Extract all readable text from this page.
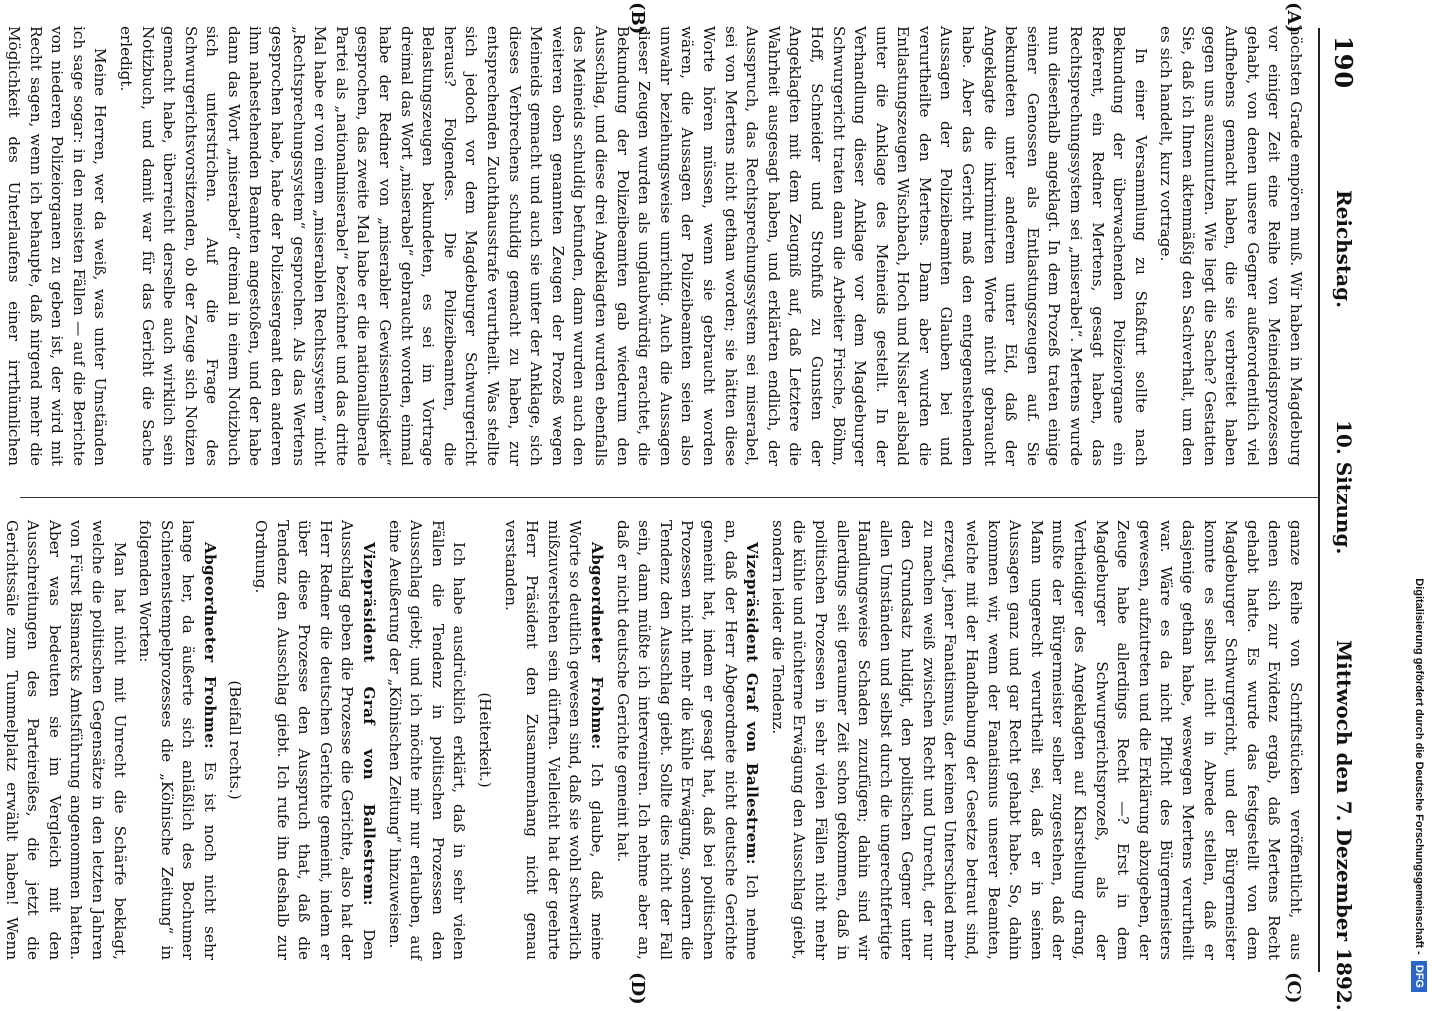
190
Reichstag.
10. Sitzung.
Mittwoch den 7. Dezember 1892.
(A)
(B)
(C)
(D)

höchsten Grade empören muß. Wir haben in Magdeburg vor einiger Zeit eine Reihe von Meineidsprozessen gehabt, von denen unsere Gegner außerordentlich viel Aufhebens gemacht haben, die sie verbreitet haben gegen uns auszunutzen. Wie liegt die Sache? Gestatten Sie, daß ich Ihnen aktenmäßig den Sachverhalt, um den es sich handelt, kurz vortrage.

In einer Versammlung zu Staßfurt sollte nach Bekundung der überwachenden Polizeiorgane ein Referent, ein Redner Mertens, gesagt haben, das Rechtsprechungssystem sei „miserabel“. Mertens wurde nun dieserhalb angeklagt. In dem Prozeß traten einige seiner Genossen als Entlastungszeugen auf. Sie bekundeten unter anderem unter Eid, daß der Angeklagte die inkriminirten Worte nicht gebraucht habe. Aber das Gericht maß den entgegenstehenden Aussagen der Polizeibeamten Glauben bei und verurtheilte den Mertens. Dann aber wurden die Entlastungszeugen Wischbach, Hoch und Nissler alsbald unter die Anklage des Meineids gestellt. In der Verhandlung dieser Anklage vor dem Magdeburger Schwurgericht traten dann die Arbeiter Frische, Böhm, Hoff, Schneider und Strohfuß zu Gunsten der Angeklagten mit dem Zeugniß auf, daß Letztere die Wahrheit ausgesagt haben, und erklärten endlich, der Ausspruch, das Rechtsprechungssystem sei miserabel, sei von Mertens nicht gethan worden; sie hätten diese Worte hören müssen, wenn sie gebraucht worden wären, die Aussagen der Polizeibeamten seien also unwahr beziehungsweise unrichtig. Auch die Aussagen dieser Zeugen wurden als unglaubwürdig erachtet, die Bekundung der Polizeibeamten gab wiederum den Ausschlag, und diese drei Angeklagten wurden ebenfalls des Meineids schuldig befunden, dann wurden auch den weiteren oben genannten Zeugen der Prozeß wegen Meineids gemacht und auch sie unter der Anklage, sich dieses Verbrechens schuldig gemacht zu haben, zur entsprechenden Zuchthausstrafe verurtheilt. Was stellte sich jedoch vor dem Magdeburger Schwurgericht heraus? Folgendes. Die Polizeibeamten, die Belastungszeugen bekundeten, es sei im Vortrage dreimal das Wort „miserabel“ gebraucht worden, einmal habe der Redner von „miserabler Gewissenlosigkeit“ gesprochen, das zweite Mal habe er die nationalliberale Partei als „nationalmiserabel“ bezeichnet und das dritte Mal habe er von einem „miserablen Rechtssystem“ nicht „Rechtsprechungssystem“ gesprochen. Als das Wertens gesprochen habe, habe der Polizeisergeant den anderen ihm nahestehenden Beamten angestoßen, und der habe dann das Wort „miserabel“ dreimal in einem Notizbuch sich unterstrichen. Auf die Frage des Schwurgerichtsvorsitzenden, ob der Zeuge sich Notizen gemacht habe, überreicht derselbe auch wirklich sein Notizbuch, und damit war für das Gericht die Sache erledigt.

Meine Herren, wer da weiß, was unter Umständen ich sage sogar: in den meisten Fällen — auf die Berichte von niederen Polizeiorganen zu geben ist, der wird mit Recht sagen, wenn ich behaupte, daß nirgend mehr die Möglichkeit des Unterlaufens einer irrthümlichen

ganze Reihe von Schriftstücken veröffentlicht, aus denen sich zur Evidenz ergab, daß Mertens Recht gehabt hatte. Es wurde das festgestellt von dem Magdeburger Schwurgericht, und der Bürgermeister konnte es selbst nicht in Abrede stellen, daß er dasjenige gethan habe, weswegen Mertens verurtheilt war. Wäre es da nicht Pflicht des Bürgermeisters gewesen, aufzutreten und die Erklärung abzugeben, der Zeuge habe allerdings Recht —? Erst in dem Magdeburger Schwurgerichtsprozeß, als der Vertheidiger des Angeklagten auf Klarstellung drang, mußte der Bürgermeister selber zugestehen, daß der Mann ungerecht verurtheilt sei, daß er in seinen Aussagen ganz und gar Recht gehabt habe. So, dahin kommen wir, wenn der Fanatismus unserer Beamten, welche mit der Handhabung der Gesetze betraut sind, erzeugt, jener Fanatismus, der keinen Unterschied mehr zu machen weiß zwischen Recht und Unrecht, der nur den Grundsatz huldigt, den politischen Gegner unter allen Umständen und selbst durch die ungerechtfertigte Handlungsweise Schaden zuzufügen; dahin sind wir allerdings seit geraumer Zeit schon gekommen, daß in politischen Prozessen in sehr vielen Fällen nicht mehr die kühle und nüchterne Erwägung den Ausschlag giebt, sondern leider die Tendenz.

Vizepräsident Graf von Ballestrem: Ich nehme an, daß der Herr Abgeordnete nicht deutsche Gerichte gemeint hat, indem er gesagt hat, daß bei politischen Prozessen nicht mehr die kühle Erwägung, sondern die Tendenz den Ausschlag giebt. Sollte dies nicht der Fall sein, dann müßte ich interveniren. Ich nehme aber an, daß er nicht deutsche Gerichte gemeint hat.

Abgeordneter Frohme: Ich glaube, daß meine Worte so deutlich gewesen sind, daß sie wohl schwerlich mißzuverstehen sein dürften. Vielleicht hat der geehrte Herr Präsident den Zusammenhang nicht genau verstanden.

(Heiterkeit.)

Ich habe ausdrücklich erklärt, daß in sehr vielen Fällen die Tendenz in politischen Prozessen den Ausschlag giebt; und ich möchte mir nur erlauben, auf eine Aeußerung der „Kölnischen Zeitung“ hinzuweisen.

Vizepräsident Graf von Ballestrem: Den Ausschlag geben die Prozesse die Gerichte, also hat der Herr Redner die deutschen Gerichte gemeint, indem er über diese Prozesse den Ausspruch that, daß die Tendenz den Ausschlag giebt. Ich rufe ihn deshalb zur Ordnung.

(Beifall rechts.)

Abgeordneter Frohme: Es ist noch nicht sehr lange her, da äußerte sich anläßlich des Bochumer Schienenstempelprozesses die „Kölnische Zeitung“ in folgenden Worten:

Man hat nicht mit Unrecht die Schärfe beklagt, welche die politischen Gegensätze in den letzten Jahren von Fürst Bismarcks Amtsführung angenommen hatten. Aber was bedeuten sie im Vergleich mit den Ausschreitungen des Parteireißes, die jetzt die Gerichtssäle zum Tummelplatz erwählt haben! Wenn	Digitalisierung gefördert durch die Deutsche Forschungsgemeinschaft -DFG
